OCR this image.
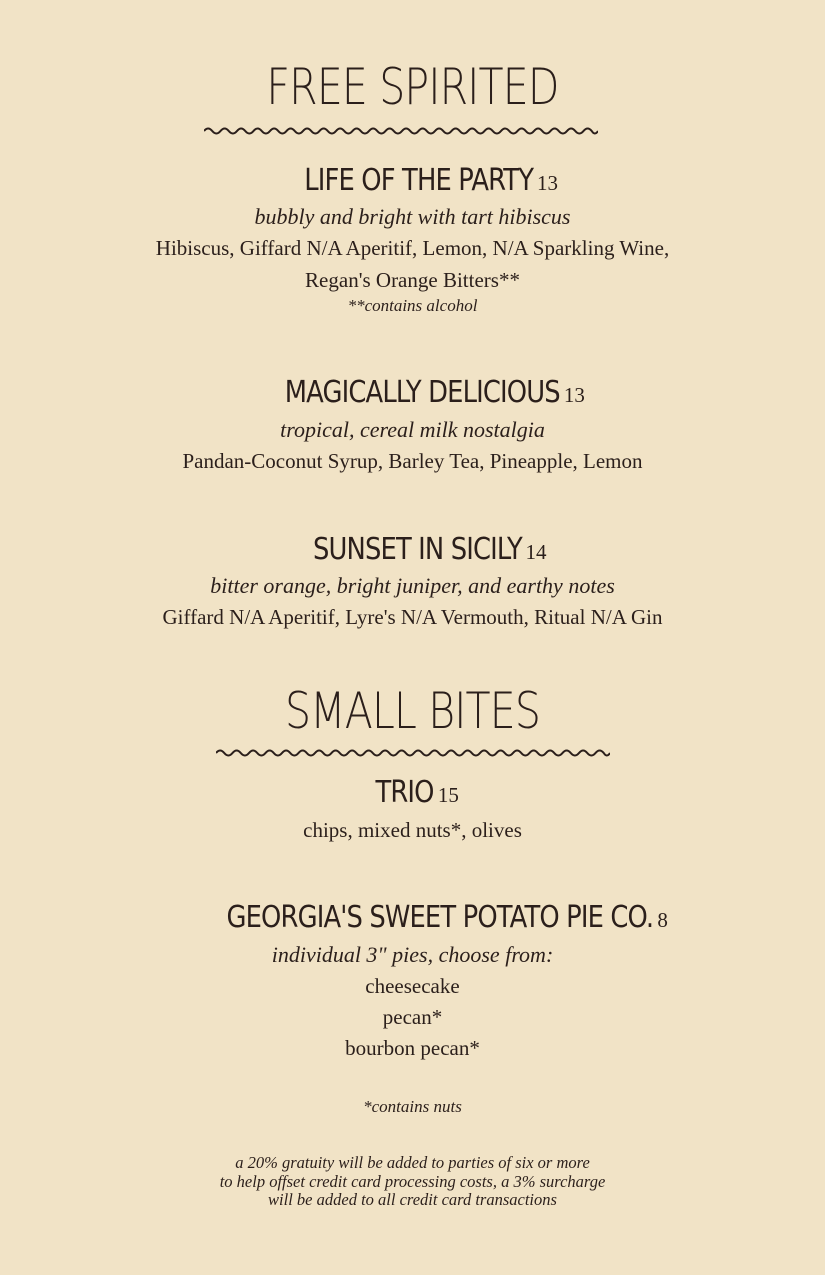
FREE SPIRITED
LIFE OF THE PARTY 13
bubbly and bright with tart hibiscus
Hibiscus, Giffard N/A Aperitif, Lemon, N/A Sparkling Wine,
Regan's Orange Bitters**
**contains alcohol
MAGICALLY DELICIOUS 13
tropical, cereal milk nostalgia
Pandan-Coconut Syrup, Barley Tea, Pineapple, Lemon
SUNSET IN SICILY 14
bitter orange, bright juniper, and earthy notes
Giffard N/A Aperitif, Lyre's N/A Vermouth, Ritual N/A Gin
SMALL BITES
TRIO 15
chips, mixed nuts*, olives
GEORGIA'S SWEET POTATO PIE CO. 8
individual 3" pies, choose from:
cheesecake
pecan*
bourbon pecan*
*contains nuts
a 20% gratuity will be added to parties of six or more
to help offset credit card processing costs, a 3% surcharge
will be added to all credit card transactions
